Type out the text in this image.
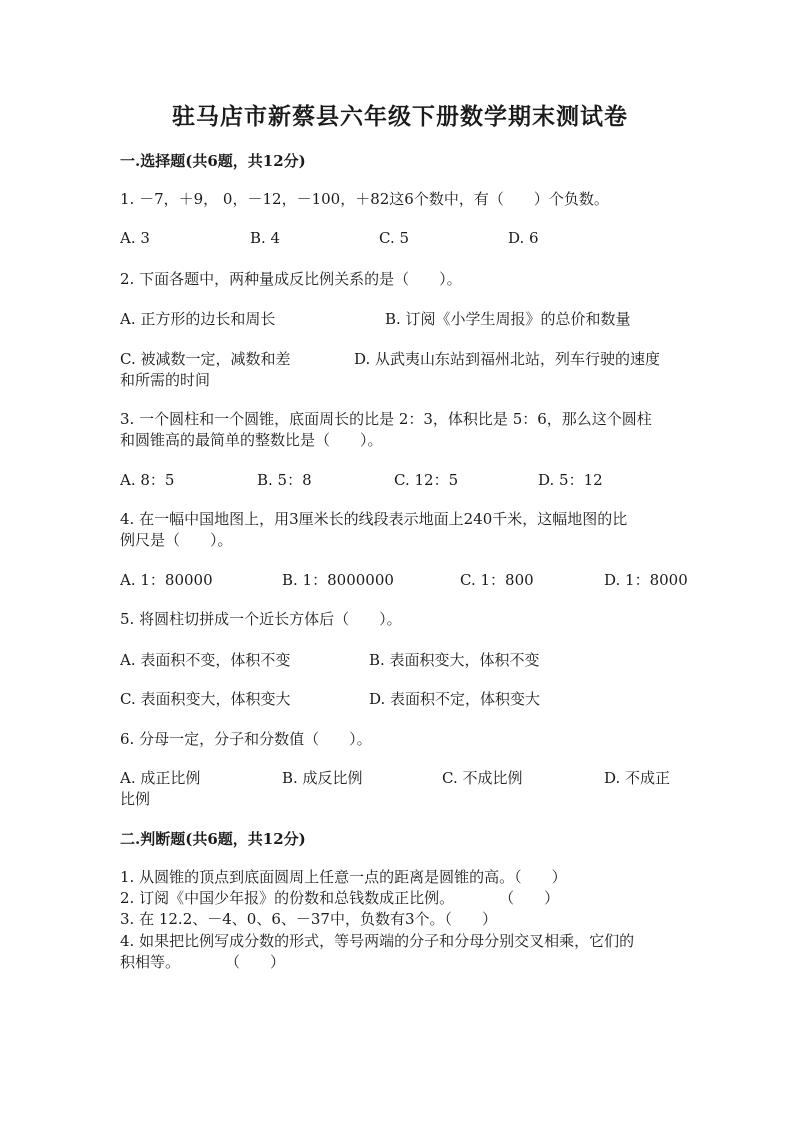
驻马店市新蔡县六年级下册数学期末测试卷
一.选择题(共6题，共12分)
1. －7，＋9， 0，－12，－100，＋82这6个数中，有（　　）个负数。
A. 3	B. 4	C. 5	D. 6
2. 下面各题中，两种量成反比例关系的是（　　）。
A. 正方形的边长和周长	B. 订阅《小学生周报》的总价和数量
C. 被减数一定，减数和差	D. 从武夷山东站到福州北站，列车行驶的速度
和所需的时间
3. 一个圆柱和一个圆锥，底面周长的比是 2：3，体积比是 5：6，那么这个圆柱
和圆锥高的最简单的整数比是（　　）。
A. 8：5	B. 5：8	C. 12：5	D. 5：12
4. 在一幅中国地图上，用3厘米长的线段表示地面上240千米，这幅地图的比
例尺是（　　）。
A. 1：80000	B. 1：8000000	C. 1：800	D. 1：8000
5. 将圆柱切拼成一个近长方体后（　　）。
A. 表面积不变，体积不变	B. 表面积变大，体积不变
C. 表面积变大，体积变大	D. 表面积不定，体积变大
6. 分母一定，分子和分数值（　　）。
A. 成正比例	B. 成反比例	C. 不成比例	D. 不成正
比例
二.判断题(共6题，共12分)
1. 从圆锥的顶点到底面圆周上任意一点的距离是圆锥的高。（　　）
2. 订阅《中国少年报》的份数和总钱数成正比例。　　　　（　　）
3. 在 12.2、－4、0、6、－37中，负数有3个。（　　）
4. 如果把比例写成分数的形式，等号两端的分子和分母分别交叉相乘，它们的
积相等。　　　　（　　）
